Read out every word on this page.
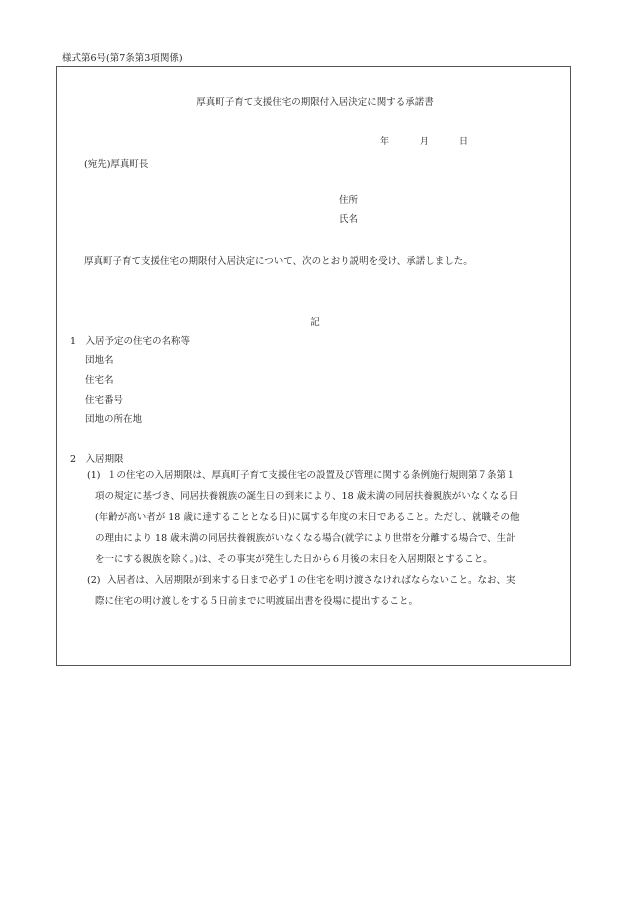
様式第6号(第7条第3項関係)
厚真町子育て支援住宅の期限付入居決定に関する承諾書
年	月	日
(宛先)厚真町長
住所
氏名
厚真町子育て支援住宅の期限付入居決定について、次のとおり説明を受け、承諾しました。
記
1　入居予定の住宅の名称等
団地名
住宅名
住宅番号
団地の所在地
2　入居期限
(1) １の住宅の入居期限は、厚真町子育て支援住宅の設置及び管理に関する条例施行規則第７条第１
項の規定に基づき、同居扶養親族の誕生日の到来により、18 歳未満の同居扶養親族がいなくなる日
(年齢が高い者が 18 歳に達することとなる日)に属する年度の末日であること。ただし、就職その他
の理由により 18 歳未満の同居扶養親族がいなくなる場合(就学により世帯を分離する場合で、生計
を一にする親族を除く。)は、その事実が発生した日から６月後の末日を入居期限とすること。
(2) 入居者は、入居期限が到来する日まで必ず１の住宅を明け渡さなければならないこと。なお、実
際に住宅の明け渡しをする５日前までに明渡届出書を役場に提出すること。
